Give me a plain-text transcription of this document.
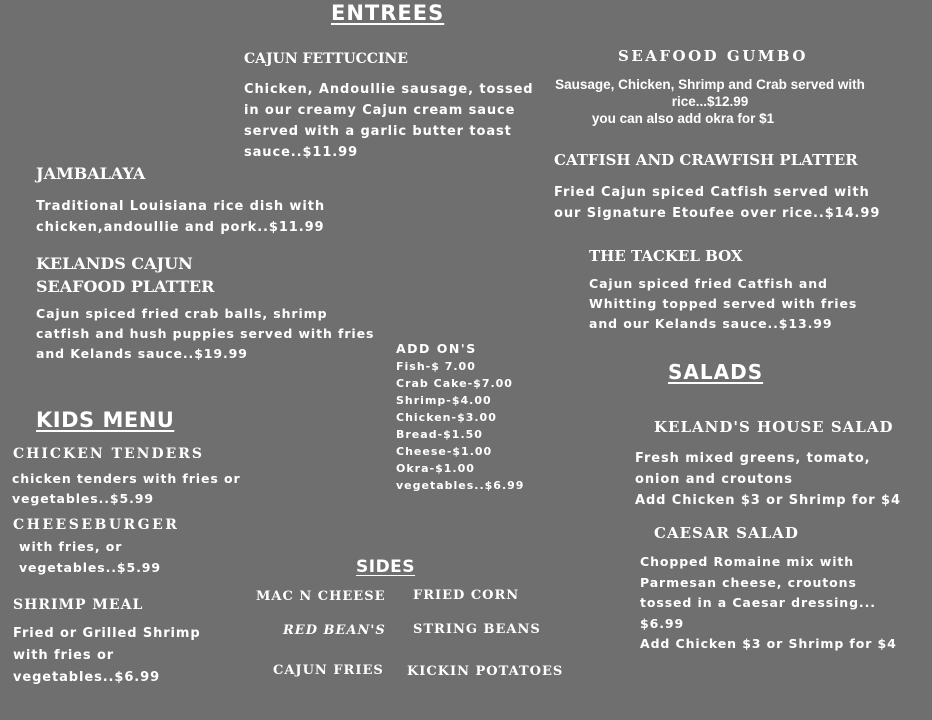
ENTREES
CAJUN FETTUCCINE
Chicken, Andoullie sausage, tossed in our creamy Cajun cream sauce served with a garlic butter toast sauce..$11.99
JAMBALAYA
Traditional Louisiana rice dish with chicken,andoullie and pork..$11.99
KELANDS CAJUN SEAFOOD PLATTER
Cajun spiced fried crab balls, shrimp catfish and hush puppies served with fries and Kelands sauce..$19.99
SEAFOOD GUMBO
Sausage, Chicken, Shrimp and Crab served with
rice...$12.99
you can also add okra for $1
CATFISH AND CRAWFISH PLATTER
Fried Cajun spiced Catfish served with our Signature Etoufee over rice..$14.99
THE TACKEL BOX
Cajun spiced fried Catfish and Whitting topped served with fries and our Kelands sauce..$13.99
ADD ON'S
Fish-$ 7.00
Crab Cake-$7.00
Shrimp-$4.00
Chicken-$3.00
Bread-$1.50
Cheese-$1.00
Okra-$1.00
vegetables..$6.99
KIDS MENU
CHICKEN TENDERS
chicken tenders with fries or vegetables..$5.99
CHEESEBURGER
with fries, or vegetables..$5.99
SHRIMP MEAL
Fried or Grilled Shrimp with fries or vegetables..$6.99
SIDES
MAC N CHEESE FRIED CORN
RED BEAN'S STRING BEANS
CAJUN FRIES KICKIN POTATOES
SALADS
KELAND'S HOUSE SALAD
Fresh mixed greens, tomato, onion and croutons
Add Chicken $3 or Shrimp for $4
CAESAR SALAD
Chopped Romaine mix with Parmesan cheese, croutons tossed in a Caesar dressing... $6.99
Add Chicken $3 or Shrimp for $4
